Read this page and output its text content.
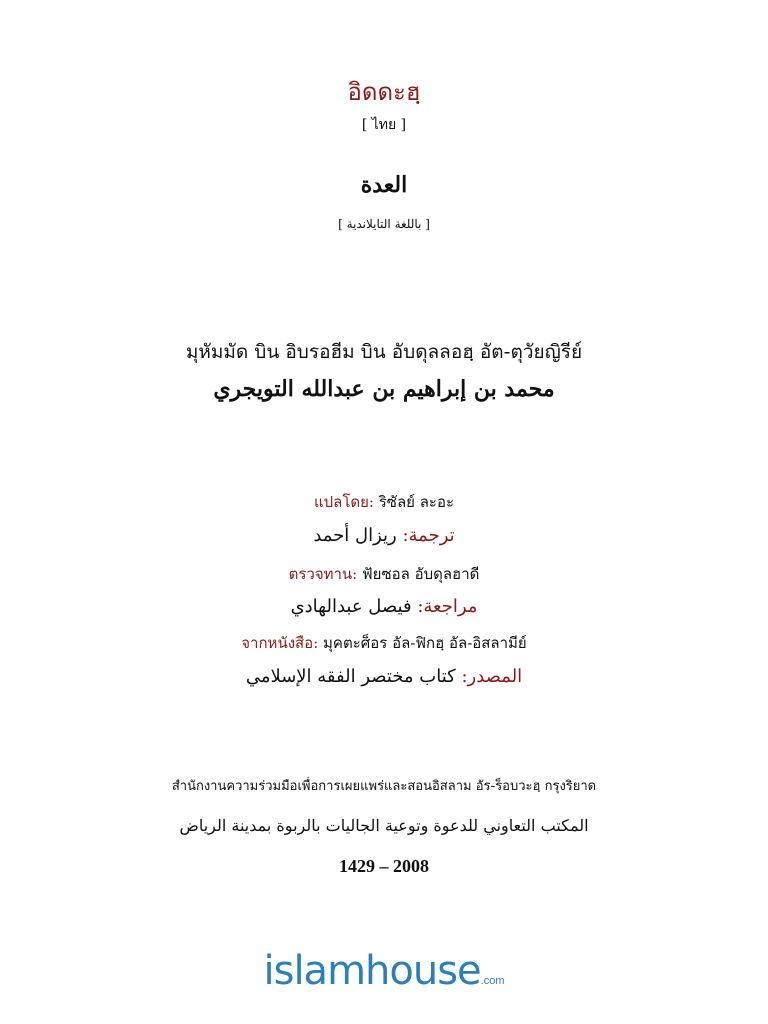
อิดดะฮฺ
[ ไทย ]
العدة
[ باللغة التايلاندية ]
มุหัมมัด บิน อิบรอฮีม บิน อับดุลลอฮฺ อัต-ตุวัยญิรีย์
محمد بن إبراهيم بن عبدالله التويجري
แปลโดย: ริซัลย์ ละอะ
ترجمة: ريزال أحمد
ตรวจทาน: ฟัยซอล อับดุลฮาดี
مراجعة: فيصل عبدالهادي
จากหนังสือ: มุคตะศ็อร อัล-ฟิกฮฺ อัล-อิสลามีย์
المصدر: كتاب مختصر الفقه الإسلامي
สำนักงานความร่วมมือเพื่อการเผยแพร่และสอนอิสลาม อัร-ร็อบวะฮฺ กรุงริยาด
المكتب التعاوني للدعوة وتوعية الجاليات بالربوة بمدينة الرياض
1429 – 2008
islamhouse.com
